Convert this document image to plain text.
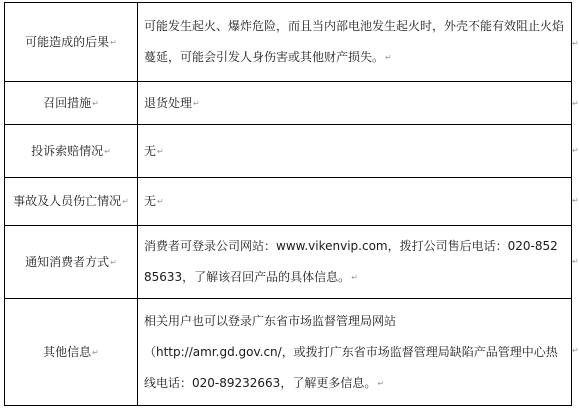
可能造成的后果↵	可能发生起火、爆炸危险，而且当内部电池发生起火时，外壳不能有效阻止火焰蔓延，可能会引发人身伤害或其他财产损失。↵
召回措施↵	退货处理↵
投诉索赔情况↵	无↵
事故及人员伤亡情况↵	无↵
通知消费者方式↵	消费者可登录公司网站：www.vikenvip.com，拨打公司售后电话：020-85285633，了解该召回产品的具体信息。↵
其他信息↵	相关用户也可以登录广东省市场监督管理局网站
（http://amr.gd.gov.cn/，或拨打广东省市场监督管理局缺陷产品管理中心热线电话：020-89232663，了解更多信息。↵
↵
↵
↵
↵
↵
↵
